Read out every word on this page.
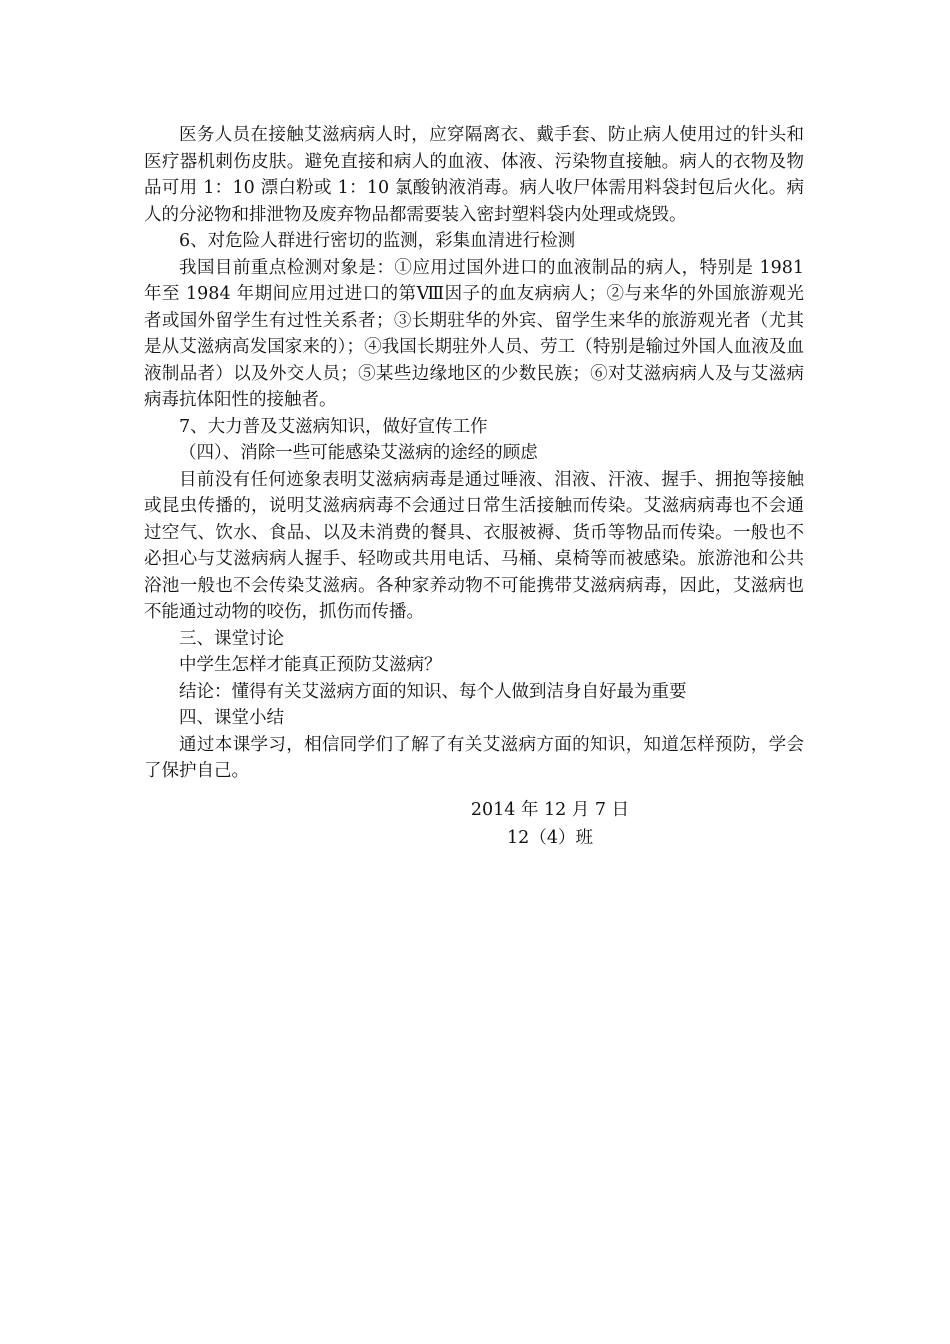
医务人员在接触艾滋病病人时，应穿隔离衣、戴手套、防止病人使用过的针头和医疗器机刺伤皮肤。避免直接和病人的血液、体液、污染物直接触。病人的衣物及物品可用 1：10 漂白粉或 1：10 氯酸钠液消毒。病人收尸体需用料袋封包后火化。病人的分泌物和排泄物及废弃物品都需要装入密封塑料袋内处理或烧毁。

6、对危险人群进行密切的监测，彩集血清进行检测

我国目前重点检测对象是：①应用过国外进口的血液制品的病人，特别是 1981 年至 1984 年期间应用过进口的第Ⅷ因子的血友病病人；②与来华的外国旅游观光者或国外留学生有过性关系者；③长期驻华的外宾、留学生来华的旅游观光者（尤其是从艾滋病高发国家来的）；④我国长期驻外人员、劳工（特别是输过外国人血液及血液制品者）以及外交人员；⑤某些边缘地区的少数民族；⑥对艾滋病病人及与艾滋病病毒抗体阳性的接触者。

7、大力普及艾滋病知识，做好宣传工作

（四）、消除一些可能感染艾滋病的途经的顾虑

目前没有任何迹象表明艾滋病病毒是通过唾液、泪液、汗液、握手、拥抱等接触或昆虫传播的，说明艾滋病病毒不会通过日常生活接触而传染。艾滋病病毒也不会通过空气、饮水、食品、以及未消费的餐具、衣服被褥、货币等物品而传染。一般也不必担心与艾滋病病人握手、轻吻或共用电话、马桶、桌椅等而被感染。旅游池和公共浴池一般也不会传染艾滋病。各种家养动物不可能携带艾滋病病毒，因此，艾滋病也不能通过动物的咬伤，抓伤而传播。

三、课堂讨论

中学生怎样才能真正预防艾滋病？

结论：懂得有关艾滋病方面的知识、每个人做到洁身自好最为重要

四、课堂小结

通过本课学习，相信同学们了解了有关艾滋病方面的知识，知道怎样预防，学会了保护自己。

2014 年 12 月 7 日
12（4）班
